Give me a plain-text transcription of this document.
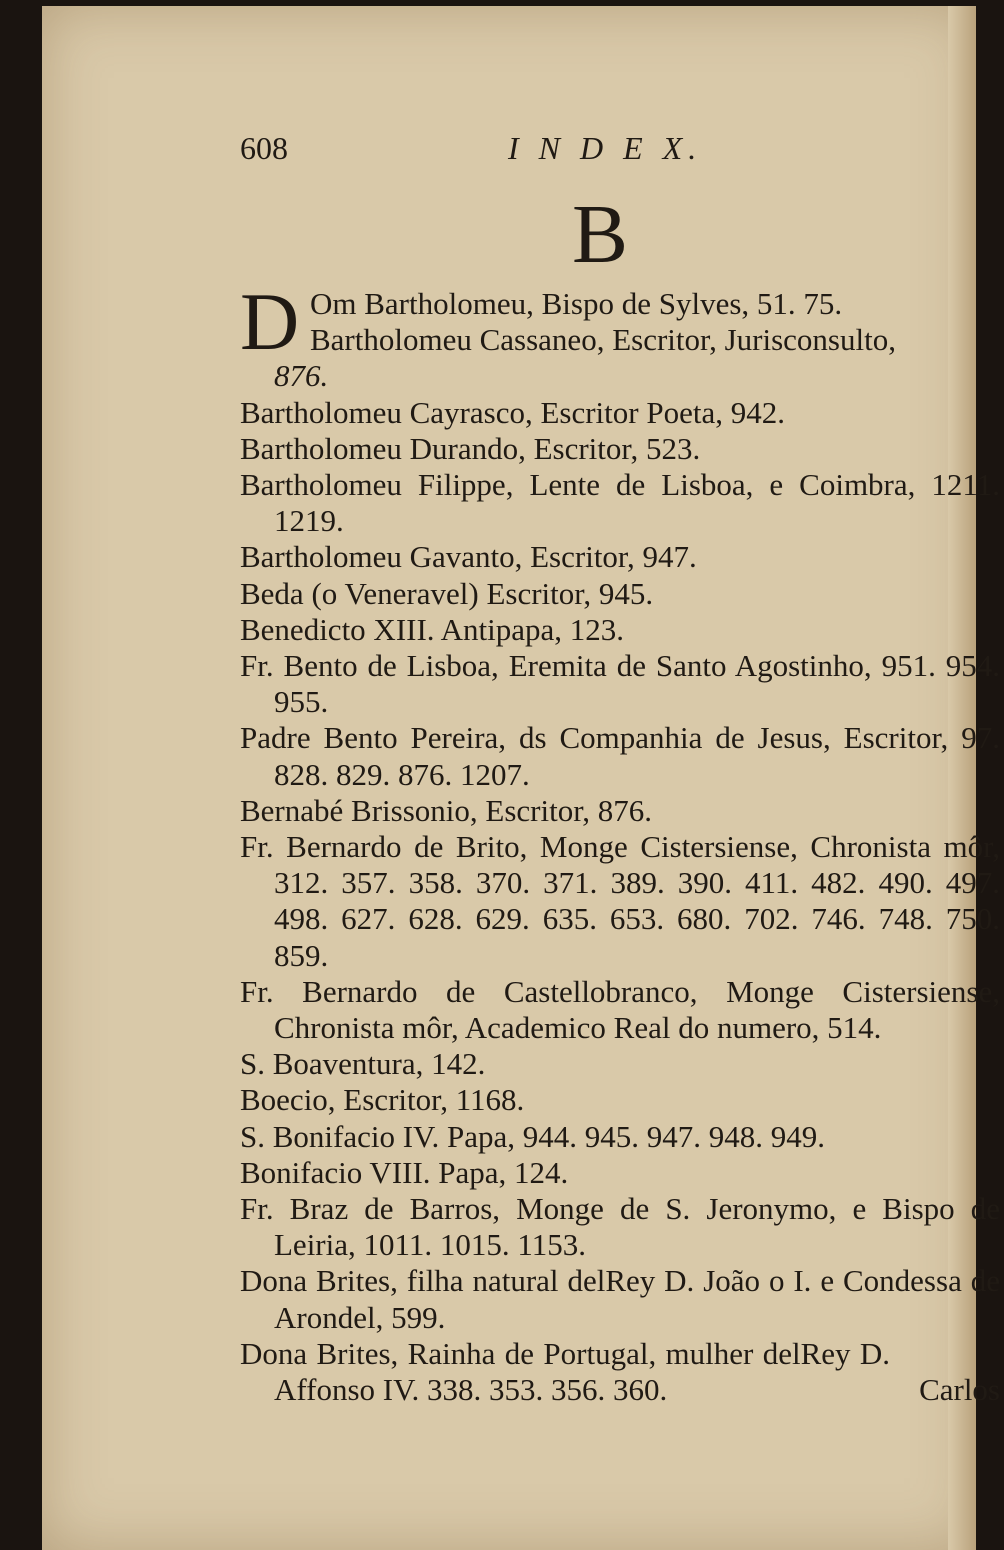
608	I N D E X.
B
D Om Bartholomeu, Bispo de Sylves, 51. 75.
Bartholomeu Cassaneo, Escritor, Jurisconsulto,
876.
Bartholomeu Cayrasco, Escritor Poeta, 942.
Bartholomeu Durando, Escritor, 523.
Bartholomeu Filippe, Lente de Lisboa, e Coimbra, 1211. 1219.
Bartholomeu Gavanto, Escritor, 947.
Beda (o Veneravel) Escritor, 945.
Benedicto XIII. Antipapa, 123.
Fr. Bento de Lisboa, Eremita de Santo Agostinho, 951. 954. 955.
Padre Bento Pereira, ds Companhia de Jesus, Escritor, 97. 828. 829. 876. 1207.
Bernabé Brissonio, Escritor, 876.
Fr. Bernardo de Brito, Monge Cistersiense, Chronista môr, 312. 357. 358. 370. 371. 389. 390. 411. 482. 490. 497. 498. 627. 628. 629. 635. 653. 680. 702. 746. 748. 750. 859.
Fr. Bernardo de Castellobranco, Monge Cistersiense, Chronista môr, Academico Real do numero, 514.
S. Boaventura, 142.
Boecio, Escritor, 1168.
S. Bonifacio IV. Papa, 944. 945. 947. 948. 949.
Bonifacio VIII. Papa, 124.
Fr. Braz de Barros, Monge de S. Jeronymo, e Bispo de Leiria, 1011. 1015. 1153.
Dona Brites, filha natural delRey D. João o I. e Condessa de Arondel, 599.
Dona Brites, Rainha de Portugal, mulher delRey D. Affonso IV. 338. 353. 356. 360.	Carlos
